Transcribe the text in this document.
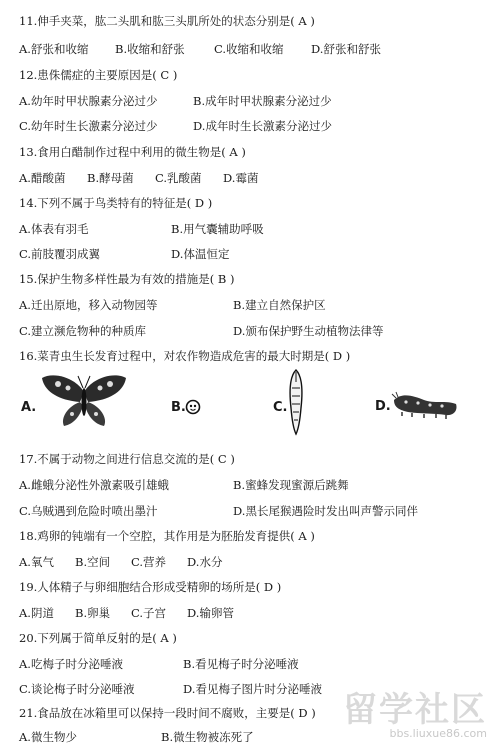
11.伸手夹菜，肱二头肌和肱三头肌所处的状态分别是( A )
A.舒张和收缩 B.收缩和舒张	C.收缩和收缩 D.舒张和舒张
12.患侏儒症的主要原因是( C )
A.幼年时甲状腺素分泌过少	B.成年时甲状腺素分泌过少
C.幼年时生长激素分泌过少	D.成年时生长激素分泌过少
13.食用白醋制作过程中利用的微生物是( A )
A.醋酸菌 B.酵母菌 C.乳酸菌 D.霉菌
14.下列不属于鸟类特有的特征是( D )
A.体表有羽毛	B.用气囊辅助呼吸
C.前肢覆羽成翼	D.体温恒定
15.保护生物多样性最为有效的措施是( B )
A.迁出原地，移入动物园等	B.建立自然保护区
C.建立濒危物种的种质库	D.颁布保护野生动植物法律等
16.菜青虫生长发育过程中，对农作物造成危害的最大时期是( D )
A.	B.	C.	D.
17.不属于动物之间进行信息交流的是( C )
A.雌蛾分泌性外激素吸引雄蛾	B.蜜蜂发现蜜源后跳舞
C.乌贼遇到危险时喷出墨汁	D.黑长尾猴遇险时发出叫声警示同伴
18.鸡卵的钝端有一个空腔，其作用是为胚胎发育提供( A )
A.氧气 B.空间 C.营养 D.水分
19.人体精子与卵细胞结合形成受精卵的场所是( D )
A.阴道 B.卵巢 C.子宫 D.输卵管
20.下列属于简单反射的是( A )
A.吃梅子时分泌唾液	B.看见梅子时分泌唾液
C.谈论梅子时分泌唾液	D.看见梅子图片时分泌唾液
21.食品放在冰箱里可以保持一段时间不腐败，主要是( D )
A.微生物少	B.微生物被冻死了
留学社区
bbs.liuxue86.com
